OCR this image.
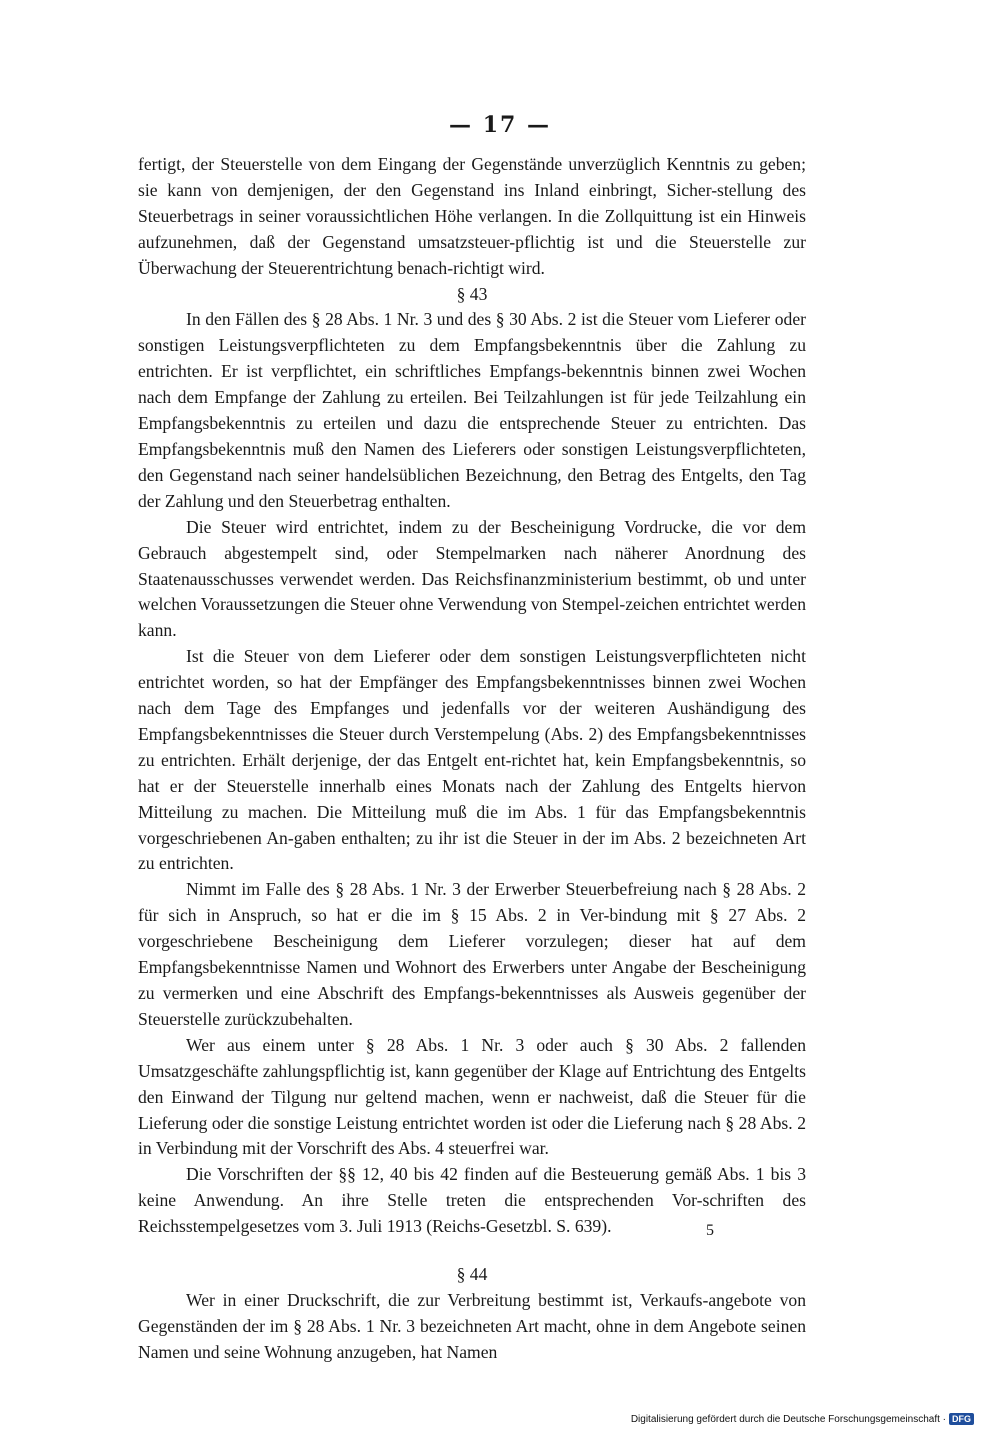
— 17 —

fertigt, der Steuerstelle von dem Eingang der Gegenstände unverzüglich Kenntnis zu geben; sie kann von demjenigen, der den Gegenstand ins Inland einbringt, Sicher-stellung des Steuerbetrags in seiner voraussichtlichen Höhe verlangen. In die Zollquittung ist ein Hinweis aufzunehmen, daß der Gegenstand umsatzsteuer-pflichtig ist und die Steuerstelle zur Überwachung der Steuerentrichtung benach-richtigt wird.

§ 43

In den Fällen des § 28 Abs. 1 Nr. 3 und des § 30 Abs. 2 ist die Steuer vom Lieferer oder sonstigen Leistungsverpflichteten zu dem Empfangsbekenntnis über die Zahlung zu entrichten. Er ist verpflichtet, ein schriftliches Empfangs-bekenntnis binnen zwei Wochen nach dem Empfange der Zahlung zu erteilen. Bei Teilzahlungen ist für jede Teilzahlung ein Empfangsbekenntnis zu erteilen und dazu die entsprechende Steuer zu entrichten. Das Empfangsbekenntnis muß den Namen des Lieferers oder sonstigen Leistungsverpflichteten, den Gegenstand nach seiner handelsüblichen Bezeichnung, den Betrag des Entgelts, den Tag der Zahlung und den Steuerbetrag enthalten.

Die Steuer wird entrichtet, indem zu der Bescheinigung Vordrucke, die vor dem Gebrauch abgestempelt sind, oder Stempelmarken nach näherer Anordnung des Staatenausschusses verwendet werden. Das Reichsfinanzministerium bestimmt, ob und unter welchen Voraussetzungen die Steuer ohne Verwendung von Stempel-zeichen entrichtet werden kann.

Ist die Steuer von dem Lieferer oder dem sonstigen Leistungsverpflichteten nicht entrichtet worden, so hat der Empfänger des Empfangsbekenntnisses binnen zwei Wochen nach dem Tage des Empfanges und jedenfalls vor der weiteren Aushändigung des Empfangsbekenntnisses die Steuer durch Verstempelung (Abs. 2) des Empfangsbekenntnisses zu entrichten. Erhält derjenige, der das Entgelt ent-richtet hat, kein Empfangsbekenntnis, so hat er der Steuerstelle innerhalb eines Monats nach der Zahlung des Entgelts hiervon Mitteilung zu machen. Die Mitteilung muß die im Abs. 1 für das Empfangsbekenntnis vorgeschriebenen An-gaben enthalten; zu ihr ist die Steuer in der im Abs. 2 bezeichneten Art zu entrichten.

Nimmt im Falle des § 28 Abs. 1 Nr. 3 der Erwerber Steuerbefreiung nach § 28 Abs. 2 für sich in Anspruch, so hat er die im § 15 Abs. 2 in Ver-bindung mit § 27 Abs. 2 vorgeschriebene Bescheinigung dem Lieferer vorzulegen; dieser hat auf dem Empfangsbekenntnisse Namen und Wohnort des Erwerbers unter Angabe der Bescheinigung zu vermerken und eine Abschrift des Empfangs-bekenntnisses als Ausweis gegenüber der Steuerstelle zurückzubehalten.

Wer aus einem unter § 28 Abs. 1 Nr. 3 oder auch § 30 Abs. 2 fallenden Umsatzgeschäfte zahlungspflichtig ist, kann gegenüber der Klage auf Entrichtung des Entgelts den Einwand der Tilgung nur geltend machen, wenn er nachweist, daß die Steuer für die Lieferung oder die sonstige Leistung entrichtet worden ist oder die Lieferung nach § 28 Abs. 2 in Verbindung mit der Vorschrift des Abs. 4 steuerfrei war.

Die Vorschriften der §§ 12, 40 bis 42 finden auf die Besteuerung gemäß Abs. 1 bis 3 keine Anwendung. An ihre Stelle treten die entsprechenden Vor-schriften des Reichsstempelgesetzes vom 3. Juli 1913 (Reichs-Gesetzbl. S. 639).

§ 44

Wer in einer Druckschrift, die zur Verbreitung bestimmt ist, Verkaufs-angebote von Gegenständen der im § 28 Abs. 1 Nr. 3 bezeichneten Art macht, ohne in dem Angebote seinen Namen und seine Wohnung anzugeben, hat Namen

5
Digitalisierung gefördert durch die Deutsche Forschungsgemeinschaft · DFG
